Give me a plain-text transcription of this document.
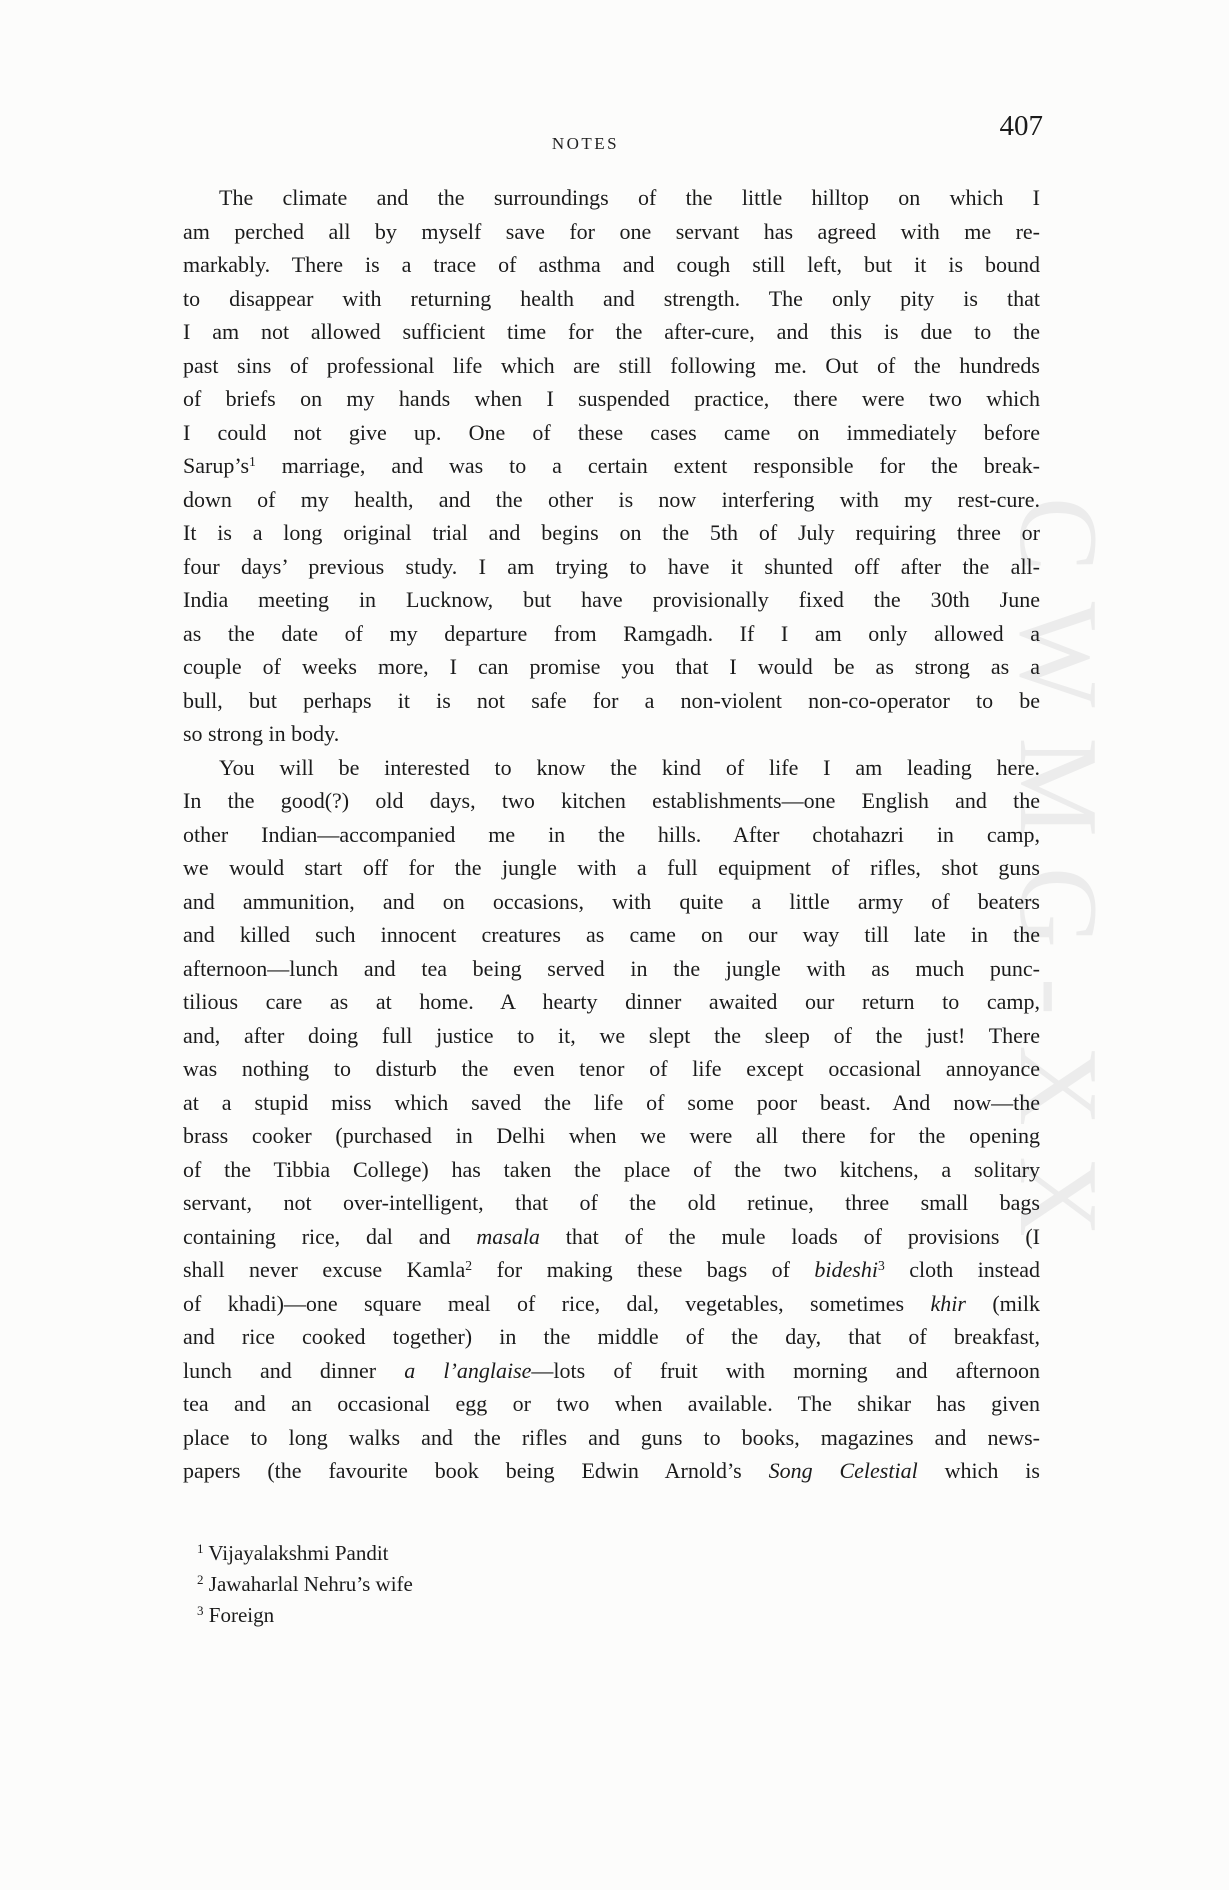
CWMG-XX
NOTES
407
The climate and the surroundings of the little hilltop on which I
am perched all by myself save for one servant has agreed with me re-
markably. There is a trace of asthma and cough still left, but it is bound
to disappear with returning health and strength. The only pity is that
I am not allowed sufficient time for the after-cure, and this is due to the
past sins of professional life which are still following me. Out of the hundreds
of briefs on my hands when I suspended practice, there were two which
I could not give up. One of these cases came on immediately before
$Sarup’s^1$ marriage, and was to a certain extent responsible for the break-
down of my health, and the other is now interfering with my rest-cure.
It is a long original trial and begins on the 5th of July requiring three or
four days’ previous study. I am trying to have it shunted off after the all-
India meeting in Lucknow, but have provisionally fixed the 30th June
as the date of my departure from Ramgadh. If I am only allowed a
couple of weeks more, I can promise you that I would be as strong as a
bull, but perhaps it is not safe for a non-violent non-co-operator to be
so strong in body.
You will be interested to know the kind of life I am leading here.
In the good(?) old days, two kitchen establishments—one English and the
other Indian—accompanied me in the hills. After chotahazri in camp,
we would start off for the jungle with a full equipment of rifles, shot guns
and ammunition, and on occasions, with quite a little army of beaters
and killed such innocent creatures as came on our way till late in the
afternoon—lunch and tea being served in the jungle with as much punc-
tilious care as at home. A hearty dinner awaited our return to camp,
and, after doing full justice to it, we slept the sleep of the just! There
was nothing to disturb the even tenor of life except occasional annoyance
at a stupid miss which saved the life of some poor beast. And now—the
brass cooker (purchased in Delhi when we were all there for the opening
of the Tibbia College) has taken the place of the two kitchens, a solitary
servant, not over-intelligent, that of the old retinue, three small bags
containing rice, dal and masala that of the mule loads of provisions (I
shall never excuse Kamla$^2$ for making these bags of bideshi$^3$ cloth instead
of khadi)—one square meal of rice, dal, vegetables, sometimes khir (milk
and rice cooked together) in the middle of the day, that of breakfast,
lunch and dinner a l’anglaise—lots of fruit with morning and afternoon
tea and an occasional egg or two when available. The shikar has given
place to long walks and the rifles and guns to books, magazines and news-
papers (the favourite book being Edwin Arnold’s Song Celestial which is
$^1$ Vijayalakshmi Pandit
$^2$ Jawaharlal Nehru’s wife
$^3$ Foreign
